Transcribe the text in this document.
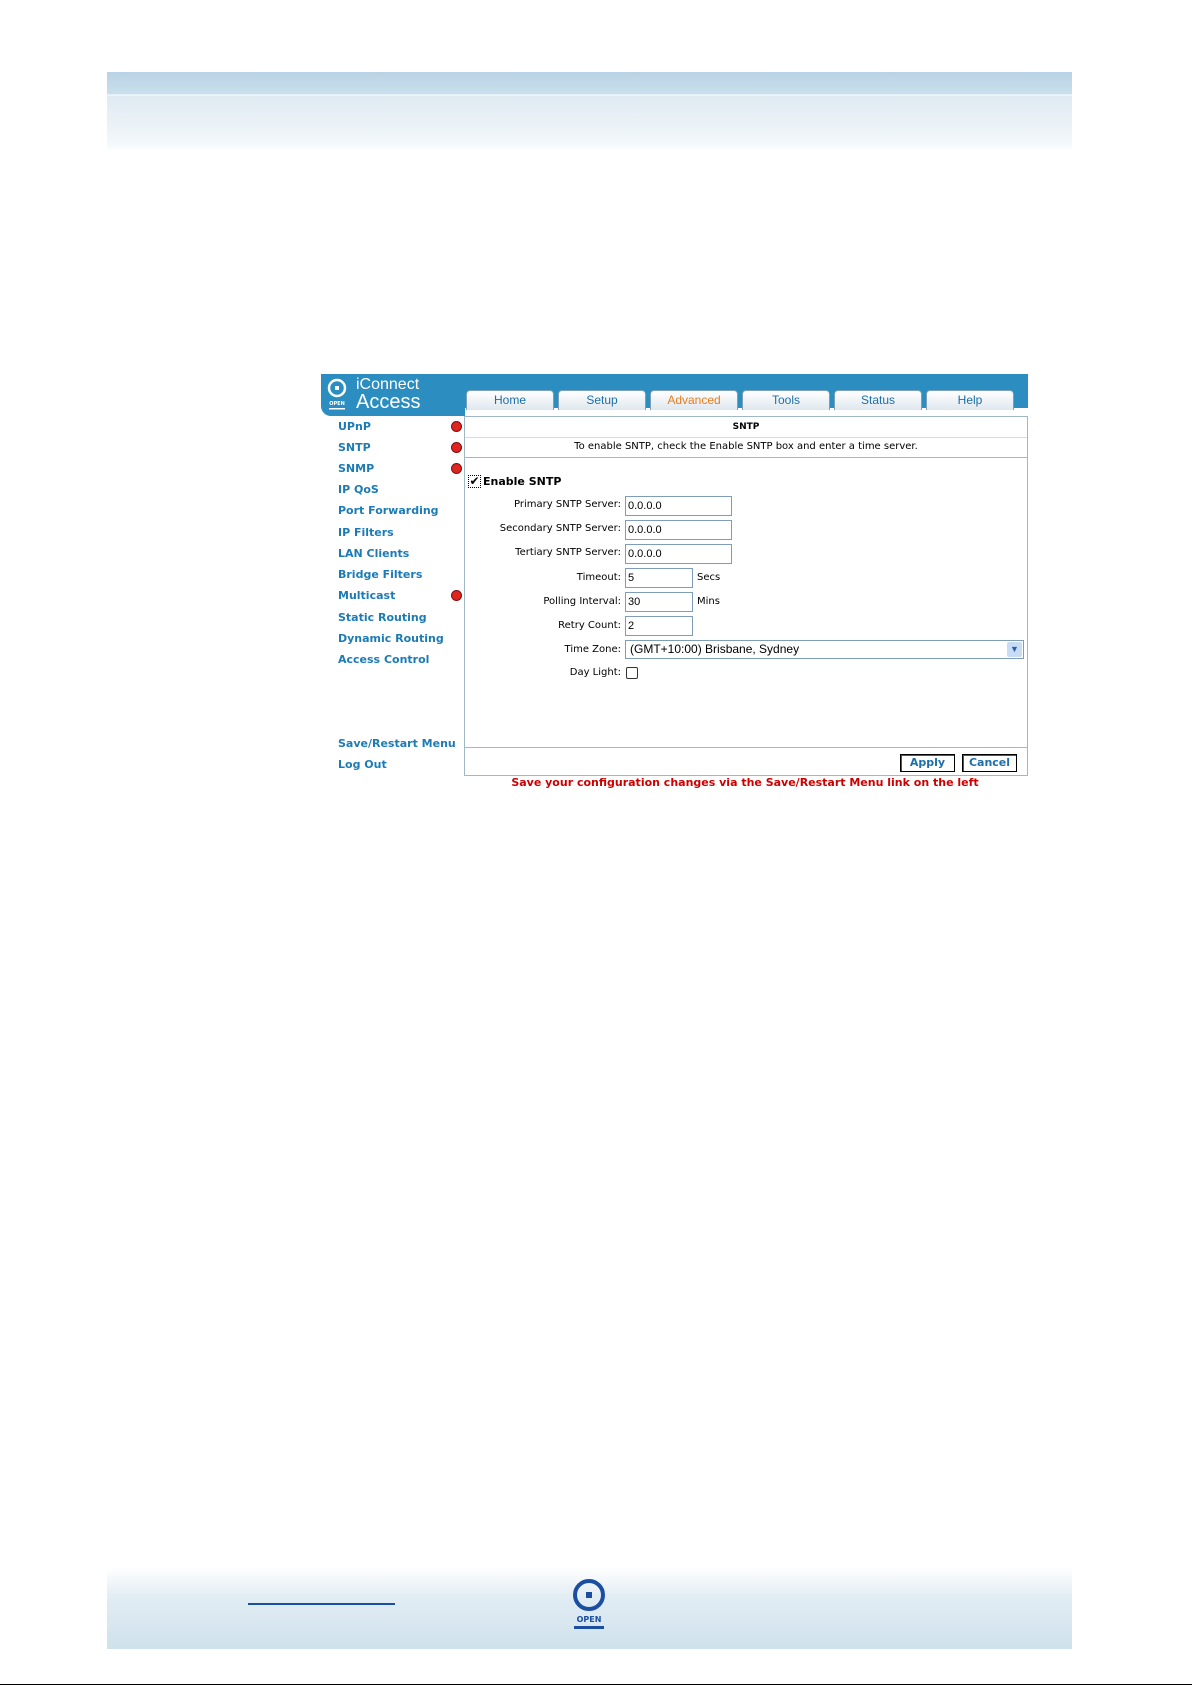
OPEN
iConnect
Access	Home	Setup	Advanced	Tools	Status	Help
UPnP
SNTP
SNMP
IP QoS
Port Forwarding
IP Filters
LAN Clients
Bridge Filters
Multicast
Static Routing
Dynamic Routing
Access Control
Save/Restart Menu
Log Out
SNTP
To enable SNTP, check the Enable SNTP box and enter a time server.
✔ Enable SNTP
Primary SNTP Server:
0.0.0.0
Secondary SNTP Server:
0.0.0.0
Tertiary SNTP Server:
0.0.0.0
Timeout:
5	Secs
Polling Interval:
30	Mins
Retry Count:
2
Time Zone: (GMT+10:00) Brisbane, Sydney	▼
Day Light:
Apply	Cancel
Save your configuration changes via the Save/Restart Menu link on the left
OPEN
